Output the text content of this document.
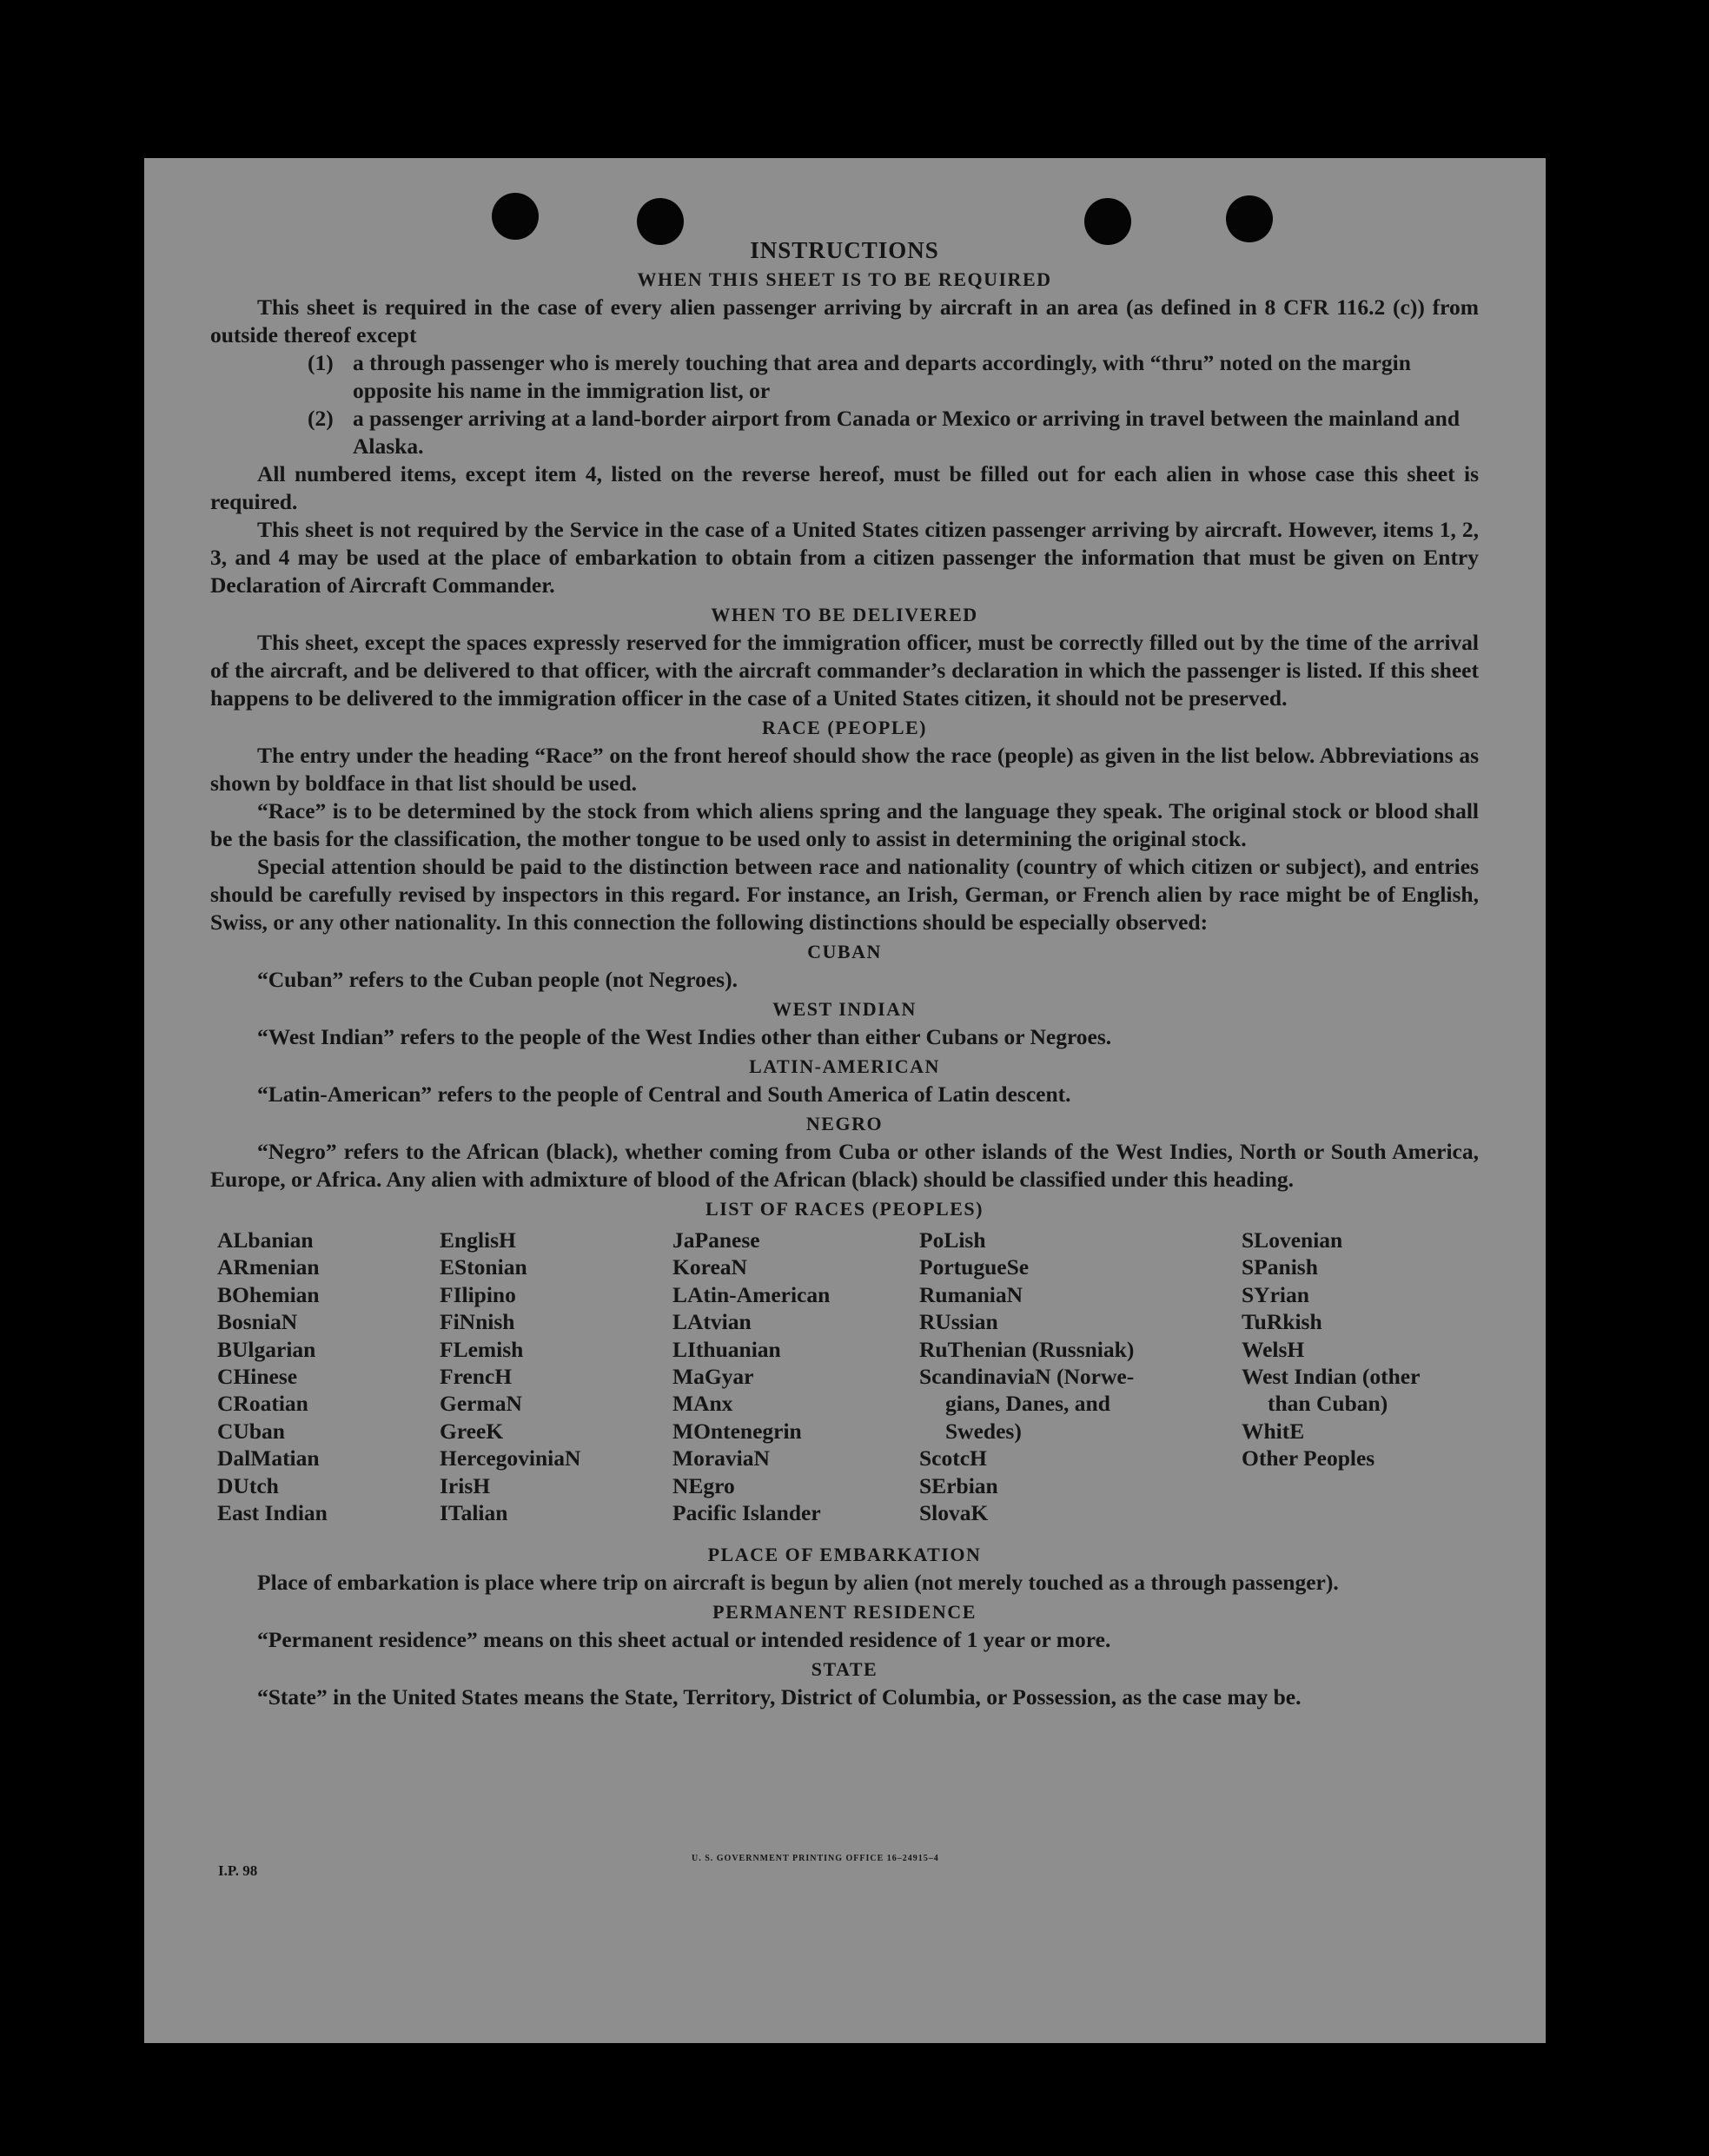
INSTRUCTIONS
WHEN THIS SHEET IS TO BE REQUIRED

This sheet is required in the case of every alien passenger arriving by aircraft in an area (as defined in 8 CFR 116.2 (c)) from outside thereof except

(1) a through passenger who is merely touching that area and departs accordingly, with “thru” noted on the margin opposite his name in the immigration list, or
(2) a passenger arriving at a land-border airport from Canada or Mexico or arriving in travel between the mainland and Alaska.

All numbered items, except item 4, listed on the reverse hereof, must be filled out for each alien in whose case this sheet is required.

This sheet is not required by the Service in the case of a United States citizen passenger arriving by aircraft. However, items 1, 2, 3, and 4 may be used at the place of embarkation to obtain from a citizen passenger the information that must be given on Entry Declaration of Aircraft Commander.

WHEN TO BE DELIVERED

This sheet, except the spaces expressly reserved for the immigration officer, must be correctly filled out by the time of the arrival of the aircraft, and be delivered to that officer, with the aircraft commander’s declaration in which the passenger is listed. If this sheet happens to be delivered to the immigration officer in the case of a United States citizen, it should not be preserved.

RACE (PEOPLE)

The entry under the heading “Race” on the front hereof should show the race (people) as given in the list below. Abbreviations as shown by boldface in that list should be used.

“Race” is to be determined by the stock from which aliens spring and the language they speak. The original stock or blood shall be the basis for the classification, the mother tongue to be used only to assist in determining the original stock.

Special attention should be paid to the distinction between race and nationality (country of which citizen or subject), and entries should be carefully revised by inspectors in this regard. For instance, an Irish, German, or French alien by race might be of English, Swiss, or any other nationality. In this connection the following distinctions should be especially observed:

CUBAN

“Cuban” refers to the Cuban people (not Negroes).

WEST INDIAN

“West Indian” refers to the people of the West Indies other than either Cubans or Negroes.

LATIN-AMERICAN

“Latin-American” refers to the people of Central and South America of Latin descent.

NEGRO

“Negro” refers to the African (black), whether coming from Cuba or other islands of the West Indies, North or South America, Europe, or Africa. Any alien with admixture of blood of the African (black) should be classified under this heading.

LIST OF RACES (PEOPLES)
ALbanian
ARmenian
BOhemian
BosniaN
BUlgarian
CHinese
CRoatian
CUban
DalMatian
DUtch
East Indian
EnglisH
EStonian
FIlipino
FiNnish
FLemish
FrencH
GermaN
GreeK
HercegoviniaN
IrisH
ITalian
JaPanese
KoreaN
LAtin-American
LAtvian
LIthuanian
MaGyar
MAnx
MOntenegrin
MoraviaN
NEgro
Pacific Islander
PoLish
PortugueSe
RumaniaN
RUssian
RuThenian (Russniak)
ScandinaviaN (Norwe-
gians, Danes, and
Swedes)
ScotcH
SErbian
SlovaK
SLovenian
SPanish
SYrian
TuRkish
WelsH
West Indian (other
than Cuban)
WhitE
Other Peoples
PLACE OF EMBARKATION

Place of embarkation is place where trip on aircraft is begun by alien (not merely touched as a through passenger).

PERMANENT RESIDENCE

“Permanent residence” means on this sheet actual or intended residence of 1 year or more.

STATE

“State” in the United States means the State, Territory, District of Columbia, or Possession, as the case may be.

I.P. 98
U. S. GOVERNMENT PRINTING OFFICE 16–24915–4
